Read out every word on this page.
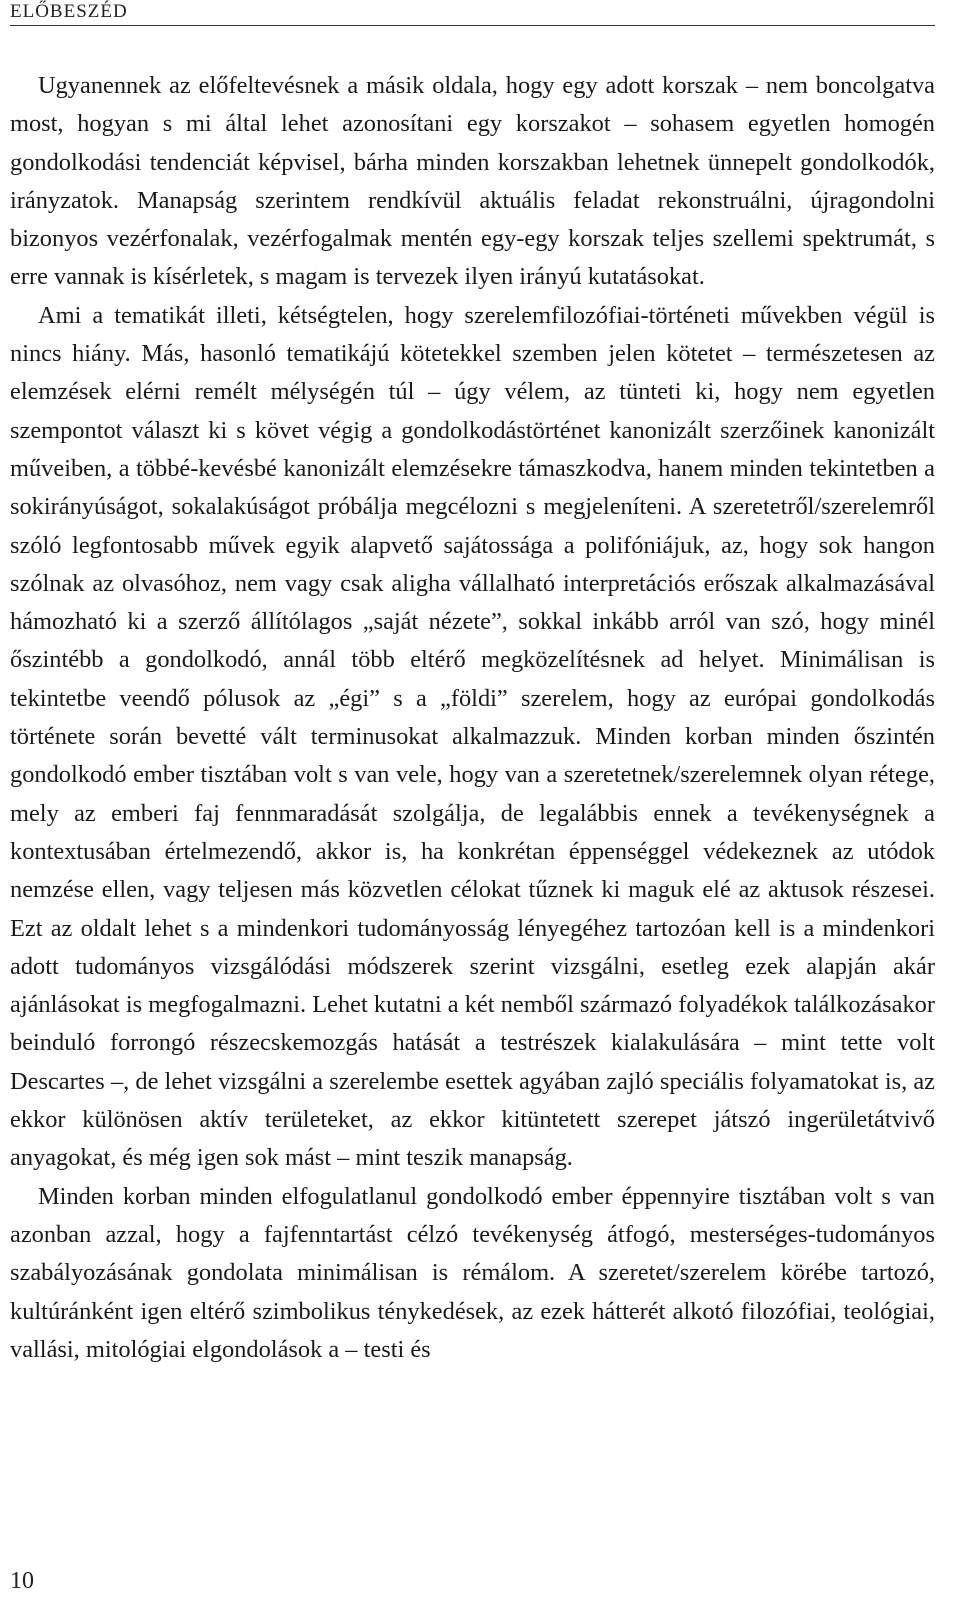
ELŐBESZÉD

Ugyanennek az előfeltevésnek a másik oldala, hogy egy adott korszak – nem boncolgatva most, hogyan s mi által lehet azonosítani egy korszakot – sohasem egyetlen homogén gondolkodási tendenciát képvisel, bárha minden korszakban lehetnek ünnepelt gondolkodók, irányzatok. Manapság szerintem rendkívül aktuális feladat rekonstruálni, újragondolni bizonyos vezérfonalak, vezérfogalmak mentén egy-egy korszak teljes szellemi spektrumát, s erre vannak is kísérletek, s magam is tervezek ilyen irányú kutatásokat.

Ami a tematikát illeti, kétségtelen, hogy szerelemfilozófiai-történeti művekben végül is nincs hiány. Más, hasonló tematikájú kötetekkel szemben jelen kötetet – természetesen az elemzések elérni remélt mélységén túl – úgy vélem, az tünteti ki, hogy nem egyetlen szempontot választ ki s követ végig a gondolkodástörténet kanonizált szerzőinek kanonizált műveiben, a többé-kevésbé kanonizált elemzésekre támaszkodva, hanem minden tekintetben a sokirányúságot, sokalakúságot próbálja megcélozni s megjeleníteni. A szeretetről/szerelemről szóló legfontosabb művek egyik alapvető sajátossága a polifóniájuk, az, hogy sok hangon szólnak az olvasóhoz, nem vagy csak aligha vállalható interpretációs erőszak alkalmazásával hámozható ki a szerző állítólagos „saját nézete”, sokkal inkább arról van szó, hogy minél őszintébb a gondolkodó, annál több eltérő megközelítésnek ad helyet. Minimálisan is tekintetbe veendő pólusok az „égi” s a „földi” szerelem, hogy az európai gondolkodás története során bevetté vált terminusokat alkalmazzuk. Minden korban minden őszintén gondolkodó ember tisztában volt s van vele, hogy van a szeretetnek/szerelemnek olyan rétege, mely az emberi faj fennmaradását szolgálja, de legalábbis ennek a tevékenységnek a kontextusában értelmezendő, akkor is, ha konkrétan éppenséggel védekeznek az utódok nemzése ellen, vagy teljesen más közvetlen célokat tűznek ki maguk elé az aktusok részesei. Ezt az oldalt lehet s a mindenkori tudományosság lényegéhez tartozóan kell is a mindenkori adott tudományos vizsgálódási módszerek szerint vizsgálni, esetleg ezek alapján akár ajánlásokat is megfogalmazni. Lehet kutatni a két nemből származó folyadékok találkozásakor beinduló forrongó részecskemozgás hatását a testrészek kialakulására – mint tette volt Descartes –, de lehet vizsgálni a szerelembe esettek agyában zajló speciális folyamatokat is, az ekkor különösen aktív területeket, az ekkor kitüntetett szerepet játszó ingerületátvivő anyagokat, és még igen sok mást – mint teszik manapság.

Minden korban minden elfogulatlanul gondolkodó ember éppennyire tisztában volt s van azonban azzal, hogy a fajfenntartást célzó tevékenység átfogó, mesterséges-tudományos szabályozásának gondolata minimálisan is rémálom. A szeretet/szerelem körébe tartozó, kultúránként igen eltérő szimbolikus ténykedések, az ezek hátterét alkotó filozófiai, teológiai, vallási, mitológiai elgondolások a – testi és

10
